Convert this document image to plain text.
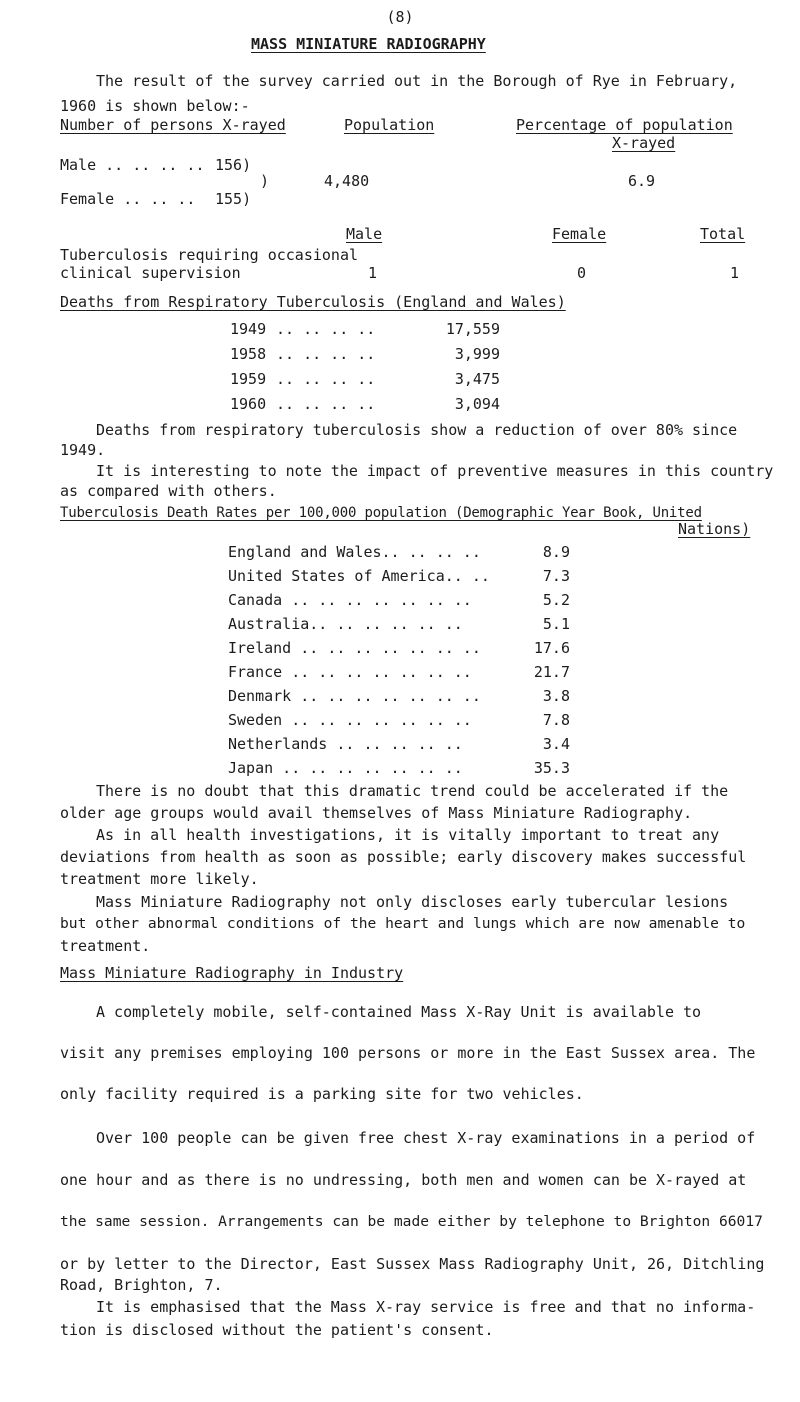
(8)
MASS MINIATURE RADIOGRAPHY
The result of the survey carried out in the Borough of Rye in February,
1960 is shown below:-
Number of persons X-rayed	Population	Percentage of population
X-rayed
Male .. .. .. .. 156)
)
Female .. .. .. 155)
4,480	6.9
Male	Female	Total
Tuberculosis requiring occasional
clinical supervision	1	0	1
Deaths from Respiratory Tuberculosis (England and Wales)
1949 .. .. .. ..	17,559
1958 .. .. .. ..	3,999
1959 .. .. .. ..	3,475
1960 .. .. .. ..	3,094
Deaths from respiratory tuberculosis show a reduction of over 80% since
1949.
It is interesting to note the impact of preventive measures in this country
as compared with others.
Tuberculosis Death Rates per 100,000 population (Demographic Year Book, United
Nations)
England and Wales.. .. .. ..	8.9
United States of America.. ..	7.3
Canada .. .. .. .. .. .. ..	5.2
Australia.. .. .. .. .. ..	5.1
Ireland .. .. .. .. .. .. ..	17.6
France .. .. .. .. .. .. ..	21.7
Denmark .. .. .. .. .. .. ..	3.8
Sweden .. .. .. .. .. .. ..	7.8
Netherlands .. .. .. .. ..	3.4
Japan .. .. .. .. .. .. ..	35.3
There is no doubt that this dramatic trend could be accelerated if the
older age groups would avail themselves of Mass Miniature Radiography.
As in all health investigations, it is vitally important to treat any
deviations from health as soon as possible; early discovery makes successful
treatment more likely.
Mass Miniature Radiography not only discloses early tubercular lesions
but other abnormal conditions of the heart and lungs which are now amenable to
treatment.
Mass Miniature Radiography in Industry
A completely mobile, self-contained Mass X-Ray Unit is available to
visit any premises employing 100 persons or more in the East Sussex area. The
only facility required is a parking site for two vehicles.
Over 100 people can be given free chest X-ray examinations in a period of
one hour and as there is no undressing, both men and women can be X-rayed at
the same session. Arrangements can be made either by telephone to Brighton 66017
or by letter to the Director, East Sussex Mass Radiography Unit, 26, Ditchling
Road, Brighton, 7.
It is emphasised that the Mass X-ray service is free and that no informa-
tion is disclosed without the patient's consent.
